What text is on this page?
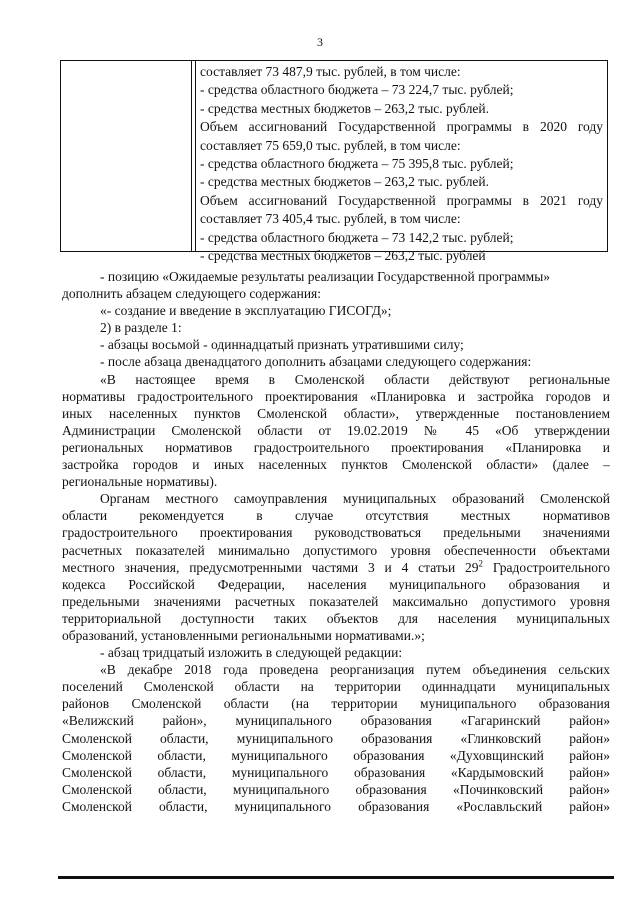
3
составляет 73 487,9 тыс. рублей, в том числе:
- средства областного бюджета – 73 224,7 тыс. рублей;
- средства местных бюджетов – 263,2 тыс. рублей.
Объем ассигнований Государственной программы в 2020 году
составляет 75 659,0 тыс. рублей, в том числе:
- средства областного бюджета – 75 395,8 тыс. рублей;
- средства местных бюджетов – 263,2 тыс. рублей.
Объем ассигнований Государственной программы в 2021 году
составляет 73 405,4 тыс. рублей, в том числе:
- средства областного бюджета – 73 142,2 тыс. рублей;
- средства местных бюджетов – 263,2 тыс. рублей
- позицию «Ожидаемые результаты реализации Государственной программы»
дополнить абзацем следующего содержания:
«- создание и введение в эксплуатацию ГИСОГД»;
2) в разделе 1:
- абзацы восьмой - одиннадцатый признать утратившими силу;
- после абзаца двенадцатого дополнить абзацами следующего содержания:
«В настоящее время в Смоленской области действуют региональные
нормативы градостроительного проектирования «Планировка и застройка городов и
иных населенных пунктов Смоленской области», утвержденные постановлением
Администрации Смоленской области от 19.02.2019 № 45 «Об утверждении
региональных нормативов градостроительного проектирования «Планировка и
застройка городов и иных населенных пунктов Смоленской области» (далее –
региональные нормативы).
Органам местного самоуправления муниципальных образований Смоленской
области рекомендуется в случае отсутствия местных нормативов
градостроительного проектирования руководствоваться предельными значениями
расчетных показателей минимально допустимого уровня обеспеченности объектами
местного значения, предусмотренными частями 3 и 4 статьи $29^2$ Градостроительного
кодекса Российской Федерации, населения муниципального образования и
предельными значениями расчетных показателей максимально допустимого уровня
территориальной доступности таких объектов для населения муниципальных
образований, установленными региональными нормативами.»;
- абзац тридцатый изложить в следующей редакции:
«В декабре 2018 года проведена реорганизация путем объединения сельских
поселений Смоленской области на территории одиннадцати муниципальных
районов Смоленской области (на территории муниципального образования
«Велижский район», муниципального образования «Гагаринский район»
Смоленской области, муниципального образования «Глинковский район»
Смоленской области, муниципального образования «Духовщинский район»
Смоленской области, муниципального образования «Кардымовский район»
Смоленской области, муниципального образования «Починковский район»
Смоленской области, муниципального образования «Рославльский район»
